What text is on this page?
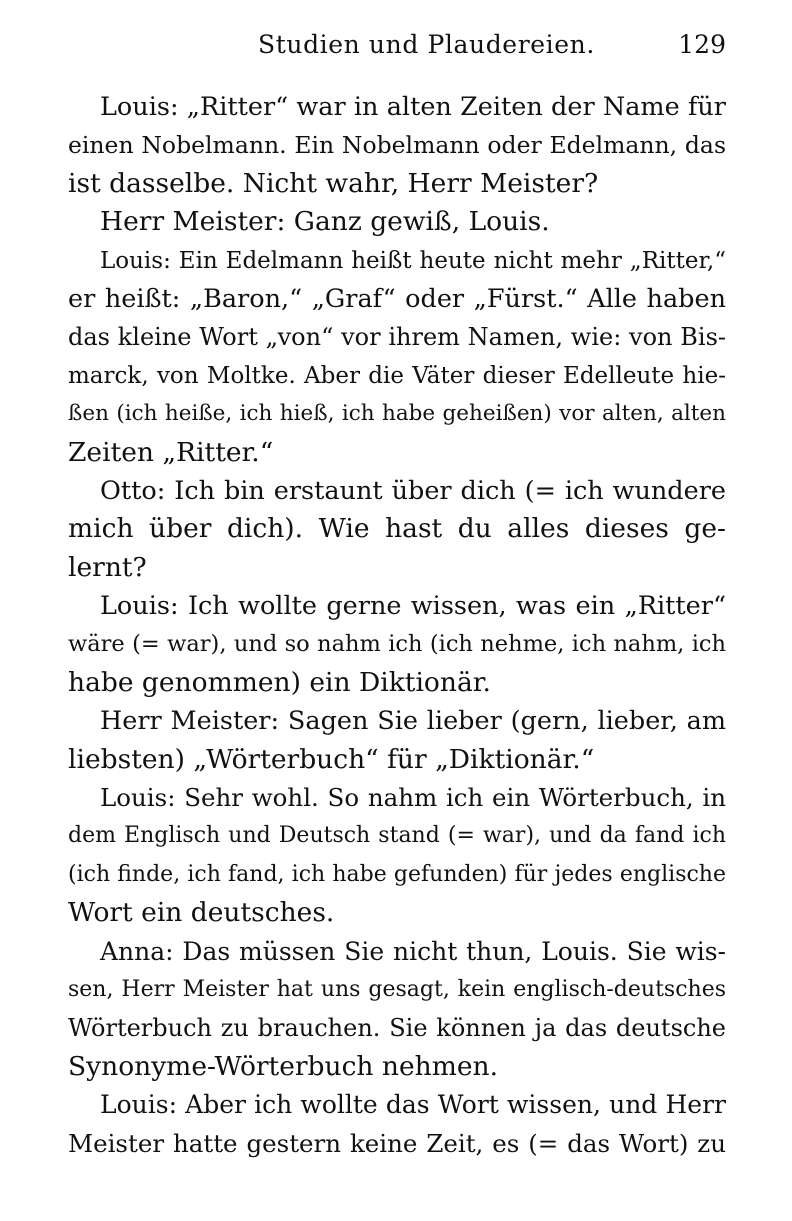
Studien und Plaudereien.	129
Louis: „Ritter“ war in alten Zeiten der Name für
einen Nobelmann. Ein Nobelmann oder Edelmann, das
ist dasselbe. Nicht wahr, Herr Meister?
Herr Meister: Ganz gewiß, Louis.
Louis: Ein Edelmann heißt heute nicht mehr „Ritter,“
er heißt: „Baron,“ „Graf“ oder „Fürst.“ Alle haben
das kleine Wort „von“ vor ihrem Namen, wie: von Bis-
marck, von Moltke. Aber die Väter dieser Edelleute hie-
ßen (ich heiße, ich hieß, ich habe geheißen) vor alten, alten
Zeiten „Ritter.“
Otto: Ich bin erstaunt über dich (= ich wundere
mich über dich). Wie hast du alles dieses ge-
lernt?
Louis: Ich wollte gerne wissen, was ein „Ritter“
wäre (= war), und so nahm ich (ich nehme, ich nahm, ich
habe genommen) ein Diktionär.
Herr Meister: Sagen Sie lieber (gern, lieber, am
liebsten) „Wörterbuch“ für „Diktionär.“
Louis: Sehr wohl. So nahm ich ein Wörterbuch, in
dem Englisch und Deutsch stand (= war), und da fand ich
(ich finde, ich fand, ich habe gefunden) für jedes englische
Wort ein deutsches.
Anna: Das müssen Sie nicht thun, Louis. Sie wis-
sen, Herr Meister hat uns gesagt, kein englisch-deutsches
Wörterbuch zu brauchen. Sie können ja das deutsche
Synonyme-Wörterbuch nehmen.
Louis: Aber ich wollte das Wort wissen, und Herr
Meister hatte gestern keine Zeit, es (= das Wort) zu
